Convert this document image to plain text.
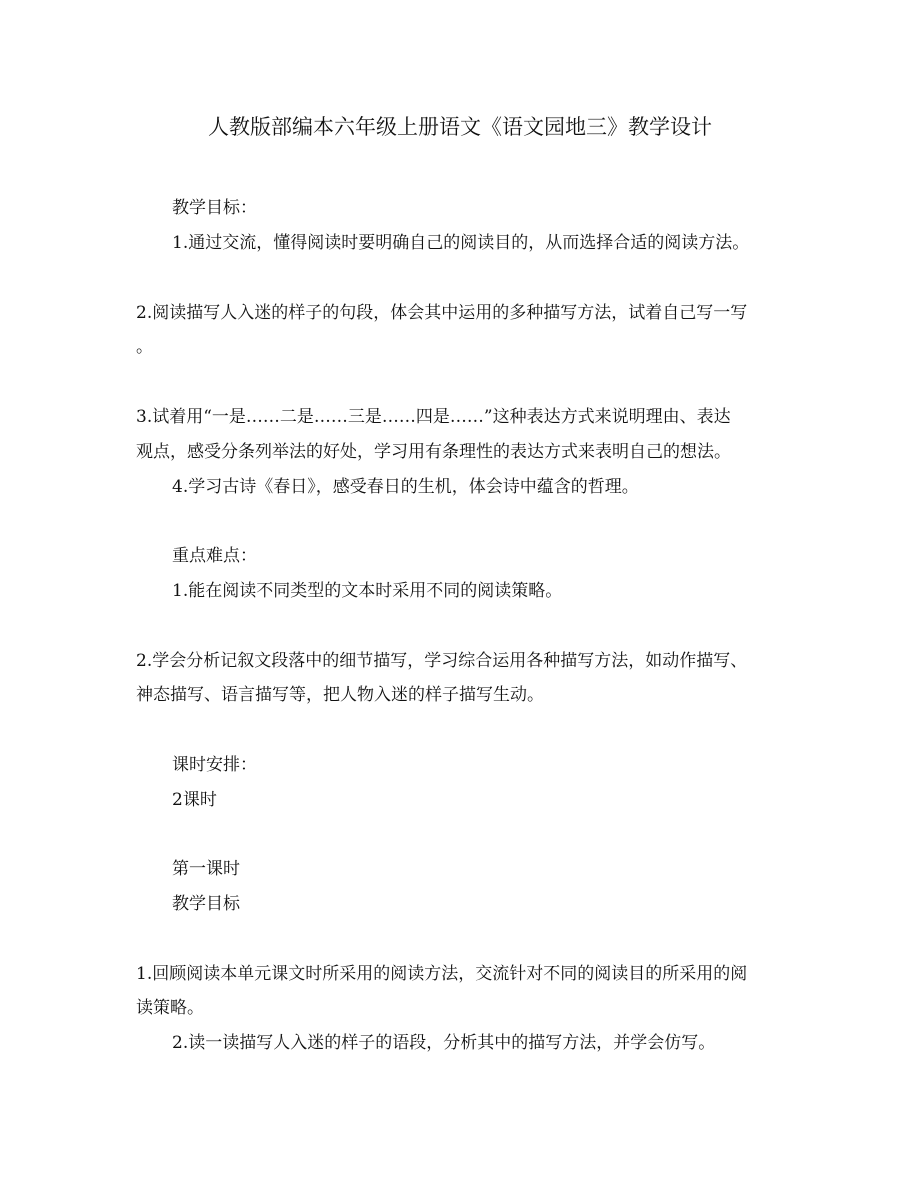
人教版部编本六年级上册语文《语文园地三》教学设计
教学目标：
1.通过交流，懂得阅读时要明确自己的阅读目的，从而选择合适的阅读方法。
2.阅读描写人入迷的样子的句段，体会其中运用的多种描写方法，试着自己写一写
。
3.试着用“一是……二是……三是……四是……”这种表达方式来说明理由、表达
观点，感受分条列举法的好处，学习用有条理性的表达方式来表明自己的想法。
4.学习古诗《春日》，感受春日的生机，体会诗中蕴含的哲理。
重点难点：
1.能在阅读不同类型的文本时采用不同的阅读策略。
2.学会分析记叙文段落中的细节描写，学习综合运用各种描写方法，如动作描写、
神态描写、语言描写等，把人物入迷的样子描写生动。
课时安排：
2课时
第一课时
教学目标
1.回顾阅读本单元课文时所采用的阅读方法，交流针对不同的阅读目的所采用的阅
读策略。
2.读一读描写人入迷的样子的语段，分析其中的描写方法，并学会仿写。
